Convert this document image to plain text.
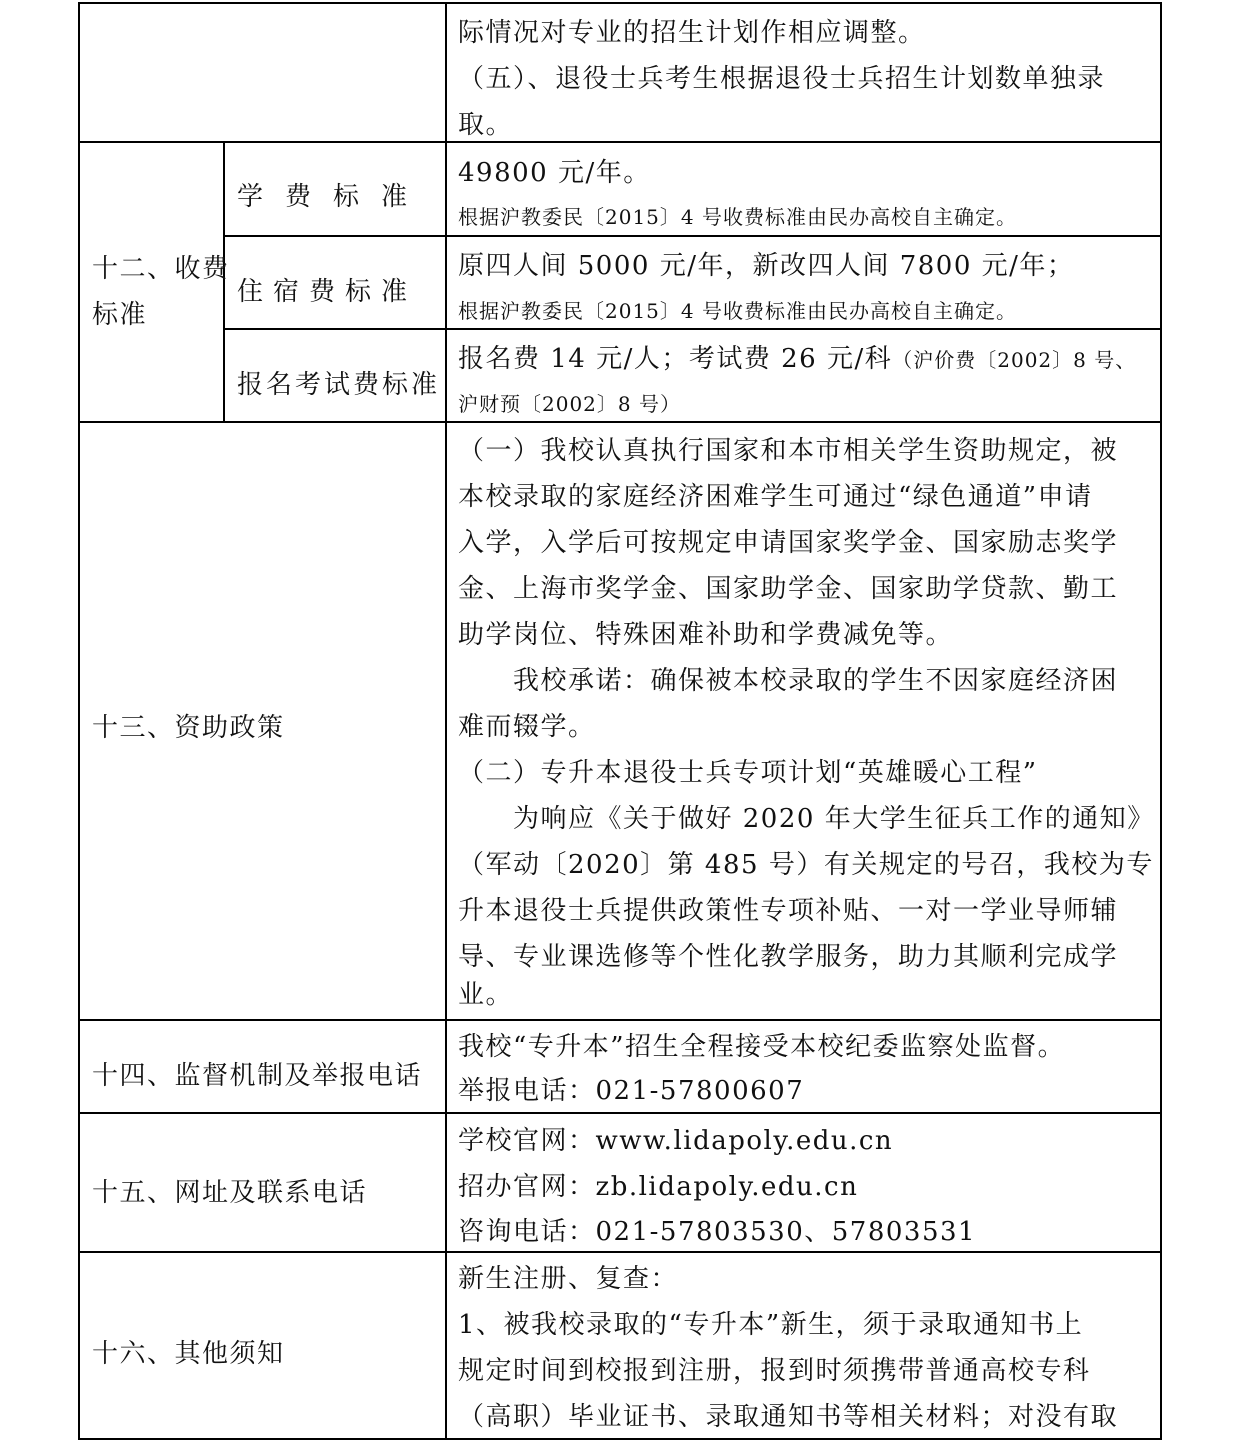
际情况对专业的招生计划作相应调整。
（五）、退役士兵考生根据退役士兵招生计划数单独录
取。
十二、收费
标准
学费标准
49800 元/年。
根据沪教委民〔2015〕4 号收费标准由民办高校自主确定。
住宿费标准
原四人间 5000 元/年，新改四人间 7800 元/年；
根据沪教委民〔2015〕4 号收费标准由民办高校自主确定。
报名考试费标准
报名费 14 元/人；考试费 26 元/科（沪价费〔2002〕8 号、
沪财预〔2002〕8 号）
十三、资助政策
（一）我校认真执行国家和本市相关学生资助规定，被
本校录取的家庭经济困难学生可通过“绿色通道”申请
入学，入学后可按规定申请国家奖学金、国家励志奖学
金、上海市奖学金、国家助学金、国家助学贷款、勤工
助学岗位、特殊困难补助和学费减免等。
　　我校承诺：确保被本校录取的学生不因家庭经济困
难而辍学。
（二）专升本退役士兵专项计划“英雄暖心工程”
　　为响应《关于做好 2020 年大学生征兵工作的通知》
（军动〔2020〕第 485 号）有关规定的号召，我校为专
升本退役士兵提供政策性专项补贴、一对一学业导师辅
导、专业课选修等个性化教学服务，助力其顺利完成学
业。
十四、监督机制及举报电话
我校“专升本”招生全程接受本校纪委监察处监督。
举报电话：021-57800607
十五、网址及联系电话
学校官网：www.lidapoly.edu.cn
招办官网：zb.lidapoly.edu.cn
咨询电话：021-57803530、57803531
十六、其他须知
新生注册、复查：
1、被我校录取的“专升本”新生，须于录取通知书上
规定时间到校报到注册，报到时须携带普通高校专科
（高职）毕业证书、录取通知书等相关材料；对没有取
